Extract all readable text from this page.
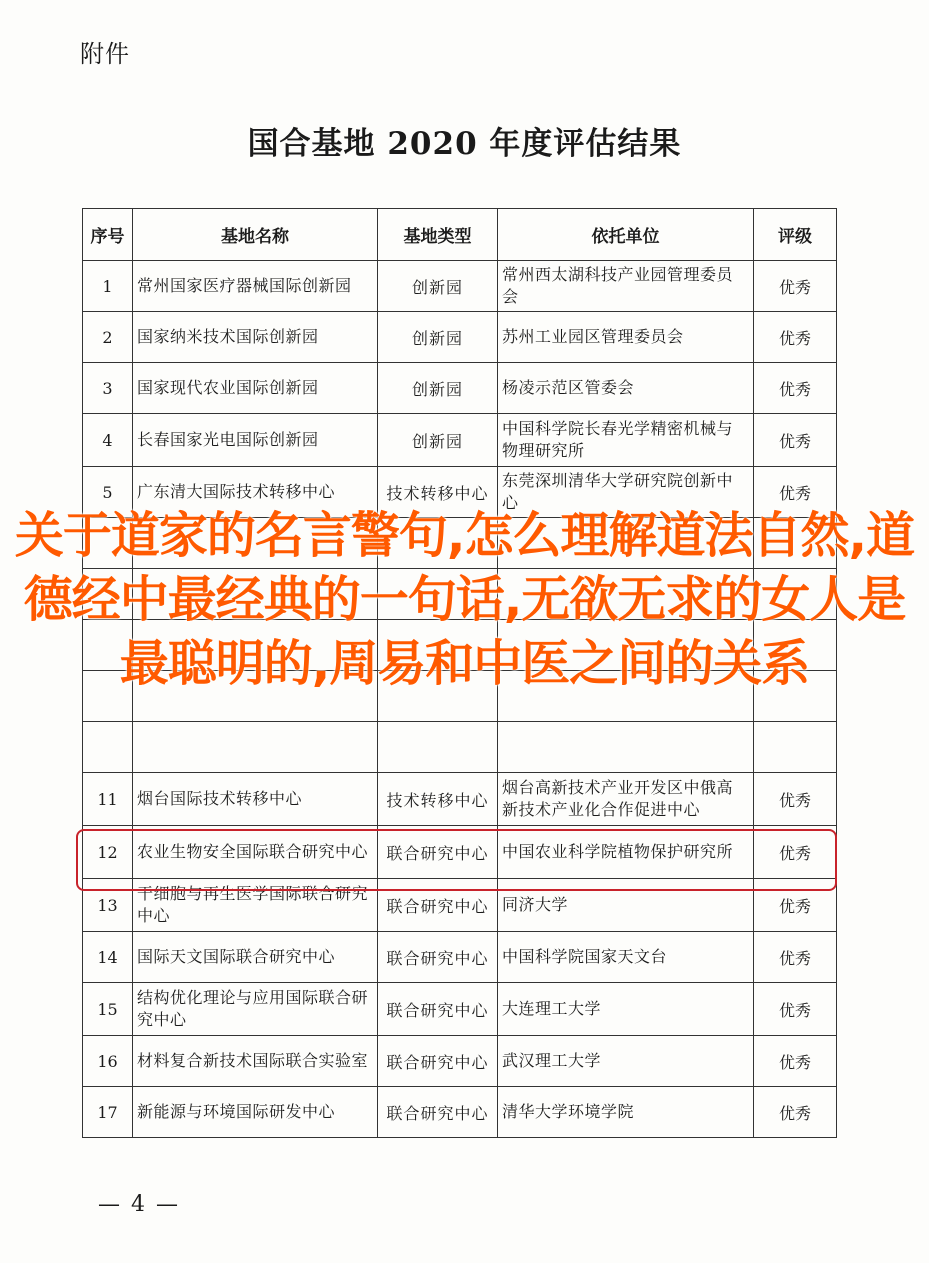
附件
国合基地 2020 年度评估结果
序号	基地名称	基地类型	依托单位	评级
1	常州国家医疗器械国际创新园	创新园	常州西太湖科技产业园管理委员会	优秀
2	国家纳米技术国际创新园	创新园	苏州工业园区管理委员会	优秀
3	国家现代农业国际创新园	创新园	杨凌示范区管委会	优秀
4	长春国家光电国际创新园	创新园	中国科学院长春光学精密机械与物理研究所	优秀
5	广东清大国际技术转移中心	技术转移中心	东莞深圳清华大学研究院创新中心	优秀

11	烟台国际技术转移中心	技术转移中心	烟台高新技术产业开发区中俄高新技术产业化合作促进中心	优秀
12	农业生物安全国际联合研究中心	联合研究中心	中国农业科学院植物保护研究所	优秀
13	干细胞与再生医学国际联合研究中心	联合研究中心	同济大学	优秀
14	国际天文国际联合研究中心	联合研究中心	中国科学院国家天文台	优秀
15	结构优化理论与应用国际联合研究中心	联合研究中心	大连理工大学	优秀
16	材料复合新技术国际联合实验室	联合研究中心	武汉理工大学	优秀
17	新能源与环境国际研发中心	联合研究中心	清华大学环境学院	优秀
关于道家的名言警句,怎么理解道法自然,道德经中最经典的一句话,无欲无求的女人是最聪明的,周易和中医之间的关系
— 4 —
